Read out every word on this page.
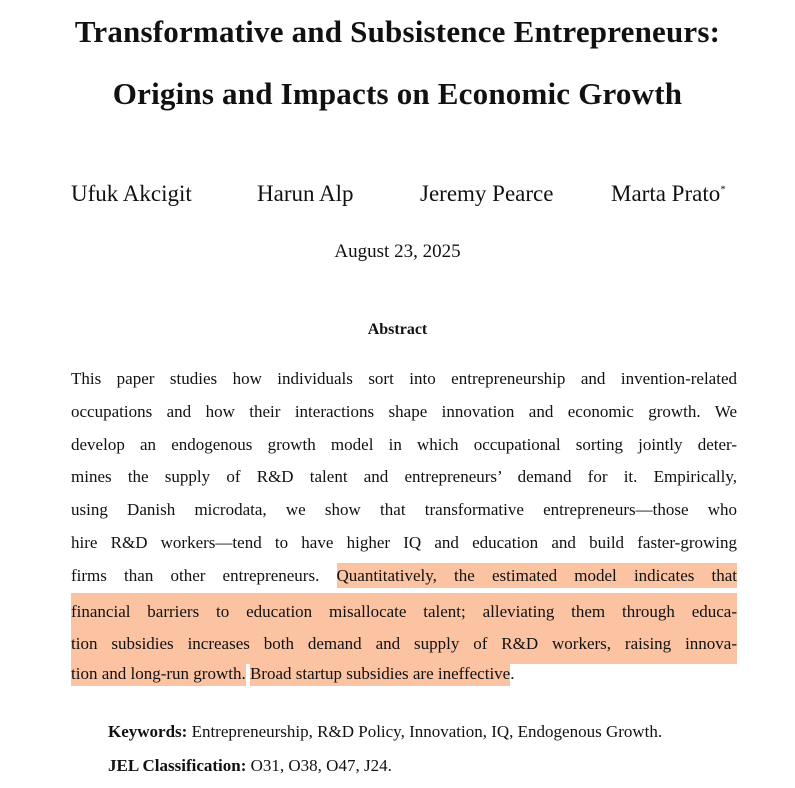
Transformative and Subsistence Entrepreneurs:
Origins and Impacts on Economic Growth
Ufuk Akcigit	Harun Alp	Jeremy Pearce	Marta Prato*
August 23, 2025
Abstract
This paper studies how individuals sort into entrepreneurship and invention-related
occupations and how their interactions shape innovation and economic growth. We
develop an endogenous growth model in which occupational sorting jointly deter-
mines the supply of R&D talent and entrepreneurs’ demand for it. Empirically,
using Danish microdata, we show that transformative entrepreneurs—those who
hire R&D workers—tend to have higher IQ and education and build faster-growing
firms than other entrepreneurs. Quantitatively, the estimated model indicates that
financial barriers to education misallocate talent; alleviating them through educa-
tion subsidies increases both demand and supply of R&D workers, raising innova-
tion and long-run growth. Broad startup subsidies are ineffective.
Keywords: Entrepreneurship, R&D Policy, Innovation, IQ, Endogenous Growth.
JEL Classification: O31, O38, O47, J24.
